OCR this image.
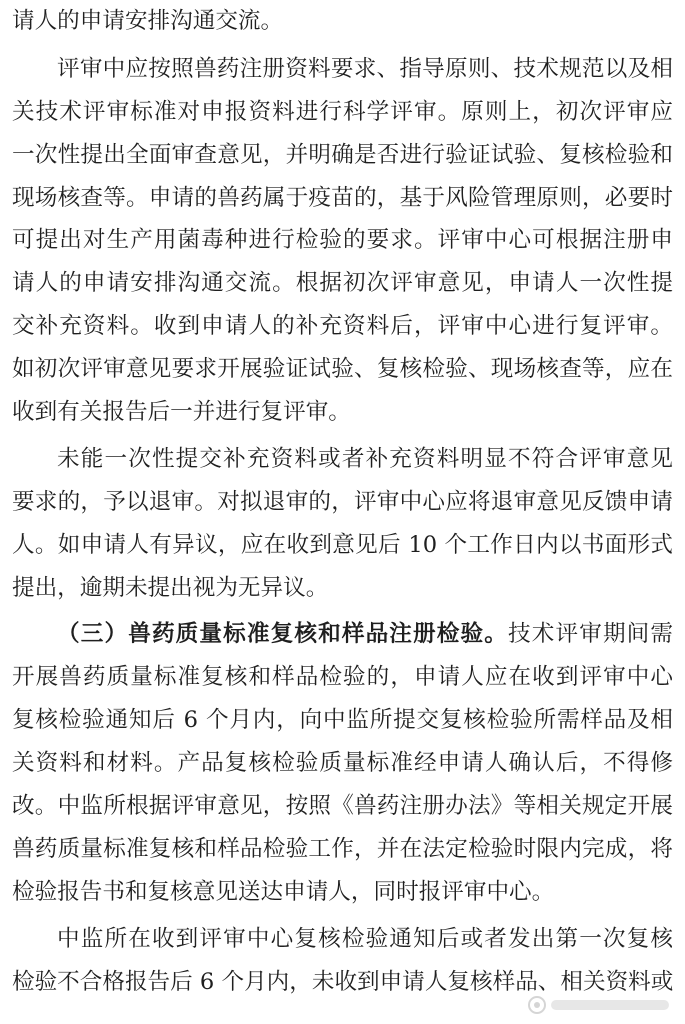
请人的申请安排沟通交流。
评审中应按照兽药注册资料要求、指导原则、技术规范以及相
关技术评审标准对申报资料进行科学评审。原则上，初次评审应
一次性提出全面审查意见，并明确是否进行验证试验、复核检验和
现场核查等。申请的兽药属于疫苗的，基于风险管理原则，必要时
可提出对生产用菌毒种进行检验的要求。评审中心可根据注册申
请人的申请安排沟通交流。根据初次评审意见，申请人一次性提
交补充资料。收到申请人的补充资料后，评审中心进行复评审。
如初次评审意见要求开展验证试验、复核检验、现场核查等，应在
收到有关报告后一并进行复评审。
未能一次性提交补充资料或者补充资料明显不符合评审意见
要求的，予以退审。对拟退审的，评审中心应将退审意见反馈申请
人。如申请人有异议，应在收到意见后 10 个工作日内以书面形式
提出，逾期未提出视为无异议。
（三）兽药质量标准复核和样品注册检验。技术评审期间需
开展兽药质量标准复核和样品检验的，申请人应在收到评审中心
复核检验通知后 6 个月内，向中监所提交复核检验所需样品及相
关资料和材料。产品复核检验质量标准经申请人确认后，不得修
改。中监所根据评审意见，按照《兽药注册办法》等相关规定开展
兽药质量标准复核和样品检验工作，并在法定检验时限内完成，将
检验报告书和复核意见送达申请人，同时报评审中心。
中监所在收到评审中心复核检验通知后或者发出第一次复核
检验不合格报告后 6 个月内，未收到申请人复核样品、相关资料或
